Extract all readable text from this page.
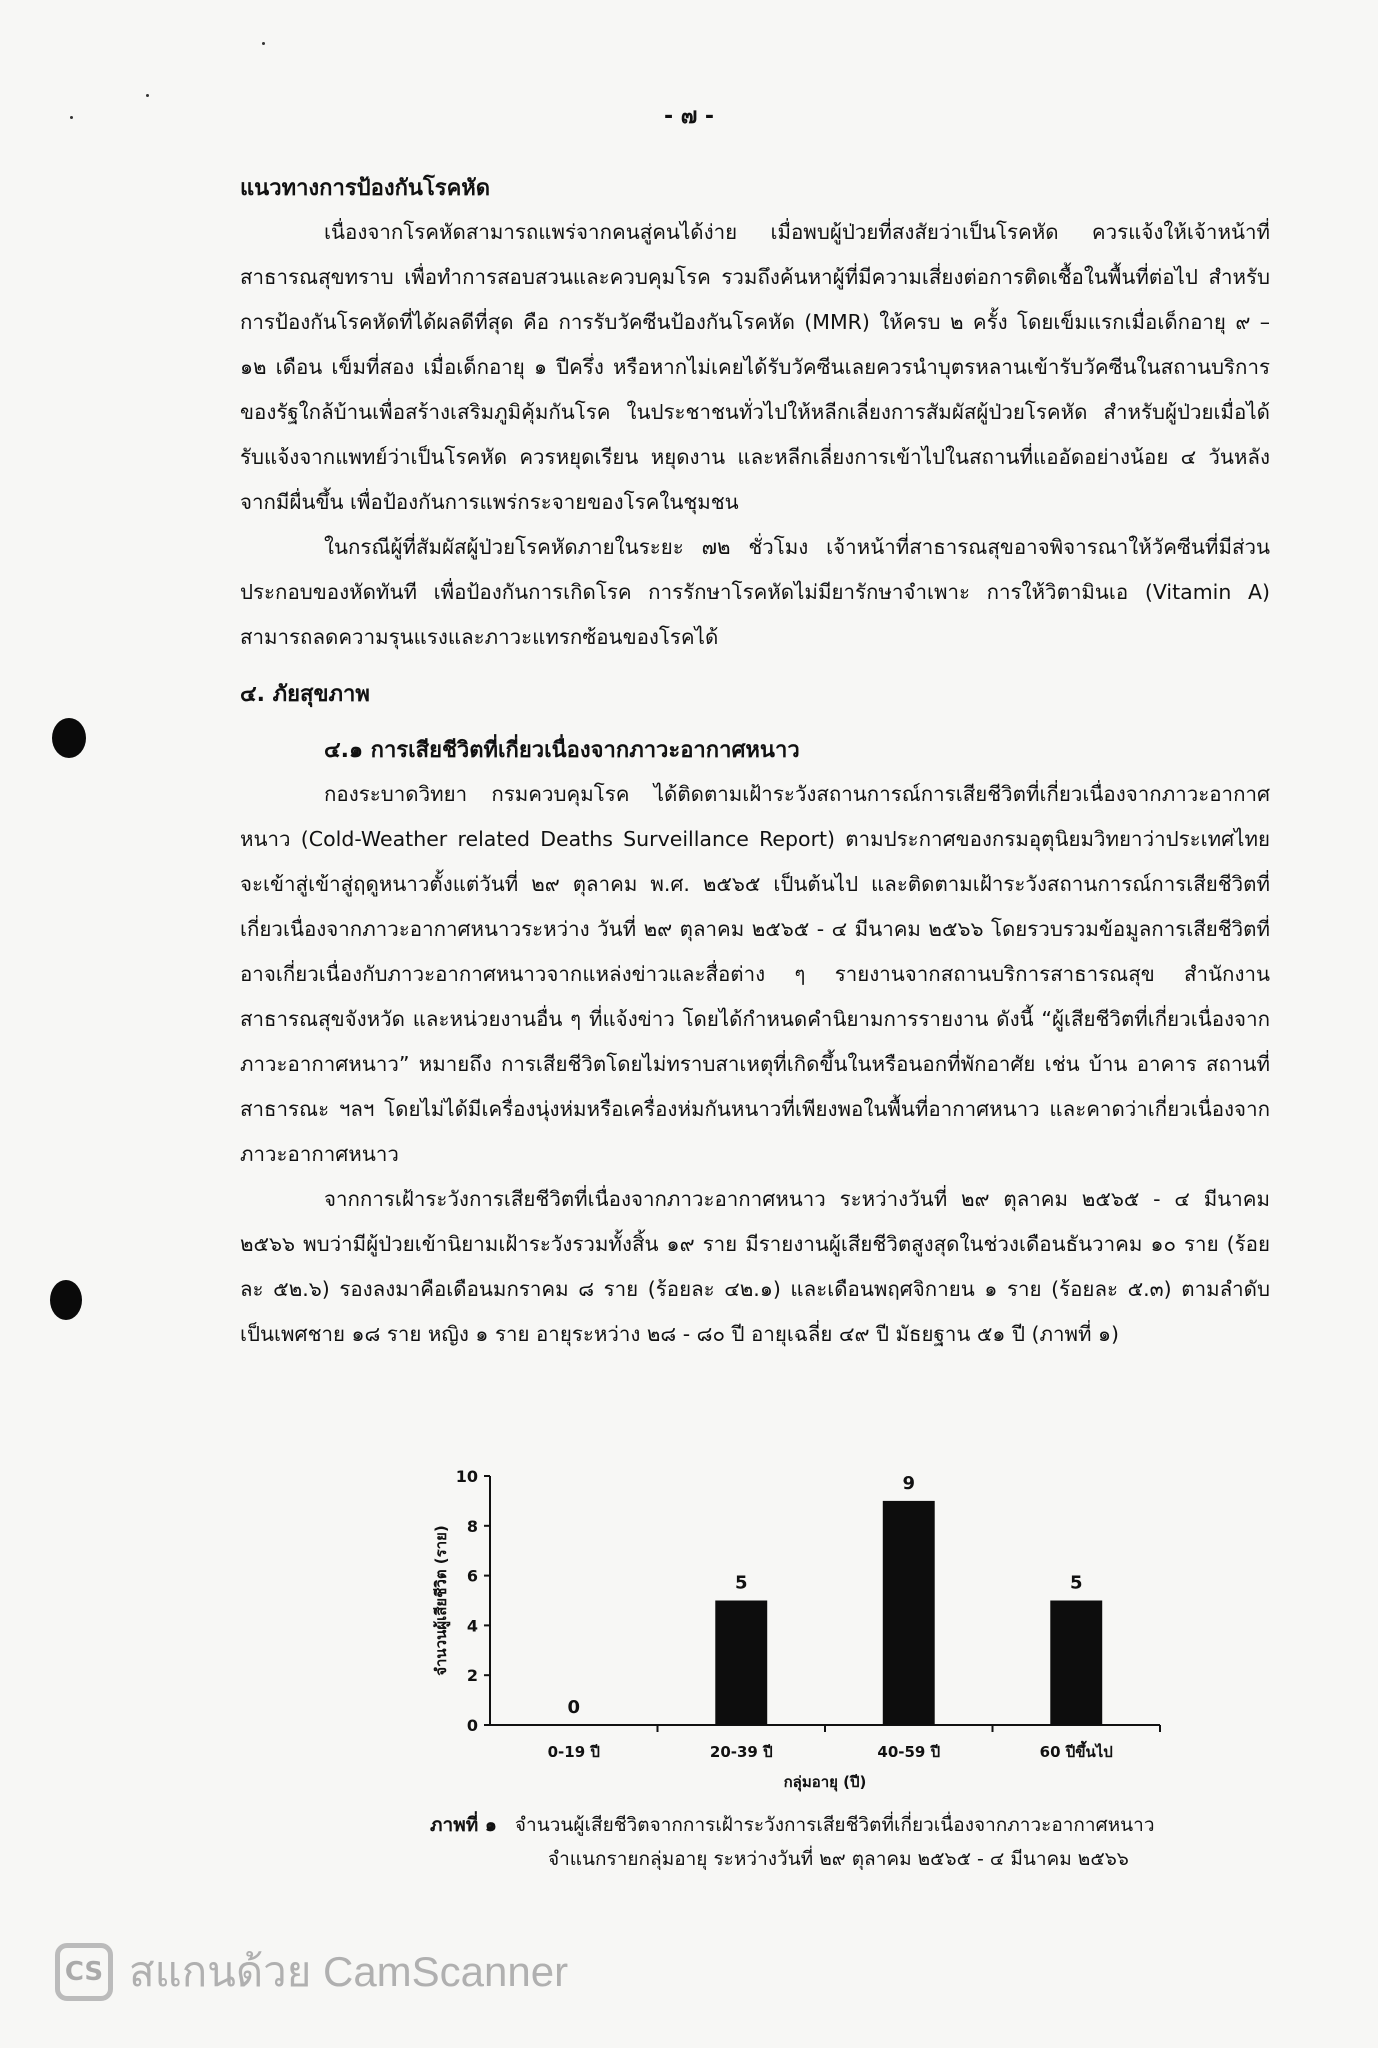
- ๗ -

แนวทางการป้องกันโรคหัด

เนื่องจากโรคหัดสามารถแพร่จากคนสู่คนได้ง่าย เมื่อพบผู้ป่วยที่สงสัยว่าเป็นโรคหัด ควรแจ้งให้เจ้าหน้าที่สาธารณสุขทราบ เพื่อทำการสอบสวนและควบคุมโรค รวมถึงค้นหาผู้ที่มีความเสี่ยงต่อการติดเชื้อในพื้นที่ต่อไป สำหรับการป้องกันโรคหัดที่ได้ผลดีที่สุด คือ การรับวัคซีนป้องกันโรคหัด (MMR) ให้ครบ ๒ ครั้ง โดยเข็มแรกเมื่อเด็กอายุ ๙ – ๑๒ เดือน เข็มที่สอง เมื่อเด็กอายุ ๑ ปีครึ่ง หรือหากไม่เคยได้รับวัคซีนเลยควรนำบุตรหลานเข้ารับวัคซีนในสถานบริการของรัฐใกล้บ้านเพื่อสร้างเสริมภูมิคุ้มกันโรค ในประชาชนทั่วไปให้หลีกเลี่ยงการสัมผัสผู้ป่วยโรคหัด สำหรับผู้ป่วยเมื่อได้รับแจ้งจากแพทย์ว่าเป็นโรคหัด ควรหยุดเรียน หยุดงาน และหลีกเลี่ยงการเข้าไปในสถานที่แออัดอย่างน้อย ๔ วันหลังจากมีผื่นขึ้น เพื่อป้องกันการแพร่กระจายของโรคในชุมชน

ในกรณีผู้ที่สัมผัสผู้ป่วยโรคหัดภายในระยะ ๗๒ ชั่วโมง เจ้าหน้าที่สาธารณสุขอาจพิจารณาให้วัคซีนที่มีส่วนประกอบของหัดทันที เพื่อป้องกันการเกิดโรค การรักษาโรคหัดไม่มียารักษาจำเพาะ การให้วิตามินเอ (Vitamin A) สามารถลดความรุนแรงและภาวะแทรกซ้อนของโรคได้

๔. ภัยสุขภาพ

๔.๑ การเสียชีวิตที่เกี่ยวเนื่องจากภาวะอากาศหนาว

กองระบาดวิทยา กรมควบคุมโรค ได้ติดตามเฝ้าระวังสถานการณ์การเสียชีวิตที่เกี่ยวเนื่องจากภาวะอากาศหนาว (Cold-Weather related Deaths Surveillance Report) ตามประกาศของกรมอุตุนิยมวิทยาว่าประเทศไทยจะเข้าสู่เข้าสู่ฤดูหนาวตั้งแต่วันที่ ๒๙ ตุลาคม พ.ศ. ๒๕๖๕ เป็นต้นไป และติดตามเฝ้าระวังสถานการณ์การเสียชีวิตที่เกี่ยวเนื่องจากภาวะอากาศหนาวระหว่าง วันที่ ๒๙ ตุลาคม ๒๕๖๕ - ๔ มีนาคม ๒๕๖๖ โดยรวบรวมข้อมูลการเสียชีวิตที่อาจเกี่ยวเนื่องกับภาวะอากาศหนาวจากแหล่งข่าวและสื่อต่าง ๆ รายงานจากสถานบริการสาธารณสุข สำนักงานสาธารณสุขจังหวัด และหน่วยงานอื่น ๆ ที่แจ้งข่าว โดยได้กำหนดคำนิยามการรายงาน ดังนี้ “ผู้เสียชีวิตที่เกี่ยวเนื่องจากภาวะอากาศหนาว” หมายถึง การเสียชีวิตโดยไม่ทราบสาเหตุที่เกิดขึ้นในหรือนอกที่พักอาศัย เช่น บ้าน อาคาร สถานที่สาธารณะ ฯลฯ โดยไม่ได้มีเครื่องนุ่งห่มหรือเครื่องห่มกันหนาวที่เพียงพอในพื้นที่อากาศหนาว และคาดว่าเกี่ยวเนื่องจากภาวะอากาศหนาว

จากการเฝ้าระวังการเสียชีวิตที่เนื่องจากภาวะอากาศหนาว ระหว่างวันที่ ๒๙ ตุลาคม ๒๕๖๕ - ๔ มีนาคม ๒๕๖๖ พบว่ามีผู้ป่วยเข้านิยามเฝ้าระวังรวมทั้งสิ้น ๑๙ ราย มีรายงานผู้เสียชีวิตสูงสุดในช่วงเดือนธันวาคม ๑๐ ราย (ร้อยละ ๕๒.๖) รองลงมาคือเดือนมกราคม ๘ ราย (ร้อยละ ๔๒.๑) และเดือนพฤศจิกายน ๑ ราย (ร้อยละ ๕.๓) ตามลำดับ เป็นเพศชาย ๑๘ ราย หญิง ๑ ราย อายุระหว่าง ๒๘ - ๘๐ ปี อายุเฉลี่ย ๔๙ ปี มัธยฐาน ๕๑ ปี (ภาพที่ ๑)

0
2
4
6
8
10
0
0-19 ปี
5
20-39 ปี
9
40-59 ปี
5
60 ปีขึ้นไป
กลุ่มอายุ (ปี)
จำนวนผู้เสียชีวิต (ราย)
ภาพที่ ๑ จำนวนผู้เสียชีวิตจากการเฝ้าระวังการเสียชีวิตที่เกี่ยวเนื่องจากภาวะอากาศหนาว
จำแนกรายกลุ่มอายุ ระหว่างวันที่ ๒๙ ตุลาคม ๒๕๖๕ - ๔ มีนาคม ๒๕๖๖
CS สแกนด้วย CamScanner
